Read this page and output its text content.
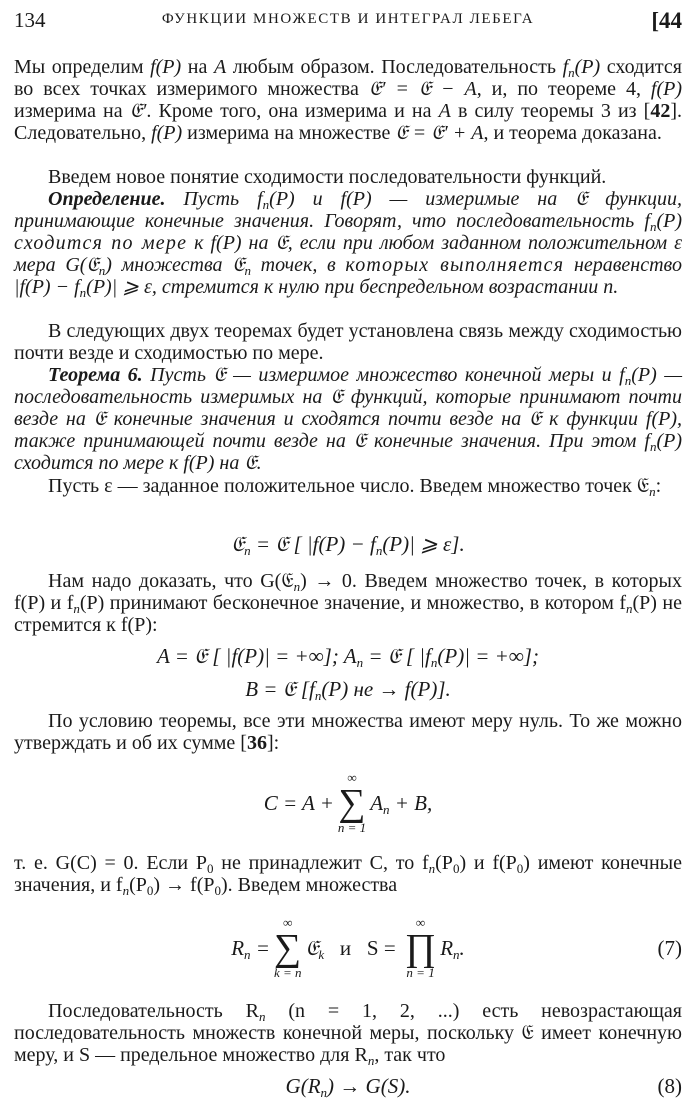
134	ФУНКЦИИ МНОЖЕСТВ И ИНТЕГРАЛ ЛЕБЕГА	[44

Мы определим f(P) на A любым образом. Последовательность $f_n(P)$ сходится во всех точках измеримого множества 𝔈′ = 𝔈 − A, и, по теореме 4, f(P) измерима на 𝔈′. Кроме того, она измерима и на A в силу теоремы 3 из [42]. Следовательно, f(P) измерима на множестве 𝔈 = 𝔈′ + A, и теорема доказана.

Введем новое понятие сходимости последовательности функций.

Определение. Пусть $f_n(P)$ и f(P) — измеримые на 𝔈 функции, принимающие конечные значения. Говорят, что последовательность $f_n(P)$ сходится по мере к f(P) на 𝔈, если при любом заданном положительном ε мера G(𝔈$_n$) множества 𝔈$_n$ точек, в которых выполняется неравенство $|f(P) - f_n(P)|$ ⩾ ε, стремится к нулю при беспредельном возрастании n.

В следующих двух теоремах будет установлена связь между сходимостью почти везде и сходимостью по мере.

Теорема 6. Пусть 𝔈 — измеримое множество конечной меры и $f_n(P)$ — последовательность измеримых на 𝔈 функций, которые принимают почти везде на 𝔈 конечные значения и сходятся почти везде на 𝔈 к функции f(P), также принимающей почти везде на 𝔈 конечные значения. При этом $f_n(P)$ сходится по мере к f(P) на 𝔈.

Пусть ε — заданное положительное число. Введем множество точек 𝔈$_n$:

𝔈$_n$ = 𝔈 [ $|f(P) - f_n(P)|$ ⩾ ε].

Нам надо доказать, что G(𝔈$_n$) → 0. Введем множество точек, в которых f(P) и $f_n(P)$ принимают бесконечное значение, и множество, в котором $f_n(P)$ не стремится к f(P):

A = 𝔈 [ |f(P)| = +∞]; $A_n$ = 𝔈 [ $|f_n(P)|$ = +∞];
B = 𝔈 [$f_n(P)$ не → f(P)].

По условию теоремы, все эти множества имеют меру нуль. То же можно утверждать и об их сумме [36]:

C = A +
∞
∑
n = 1
$A_n + B$,

т. е. G(C) = 0. Если $P_0$ не принадлежит C, то $f_n(P_0)$ и $f(P_0)$ имеют конечные значения, и $f_n(P_0) \to f(P_0)$. Введем множества

$R_n$ =
∞
∑
k = n
𝔈$_k$   и   S =
∞
∏
n = 1
$R_n$.	(7)

Последовательность $R_n$ (n = 1, 2, ...) есть невозрастающая последовательность множеств конечной меры, поскольку 𝔈 имеет конечную меру, и S — предельное множество для $R_n$, так что

$G(R_n) \to G(S)$.	(8)
